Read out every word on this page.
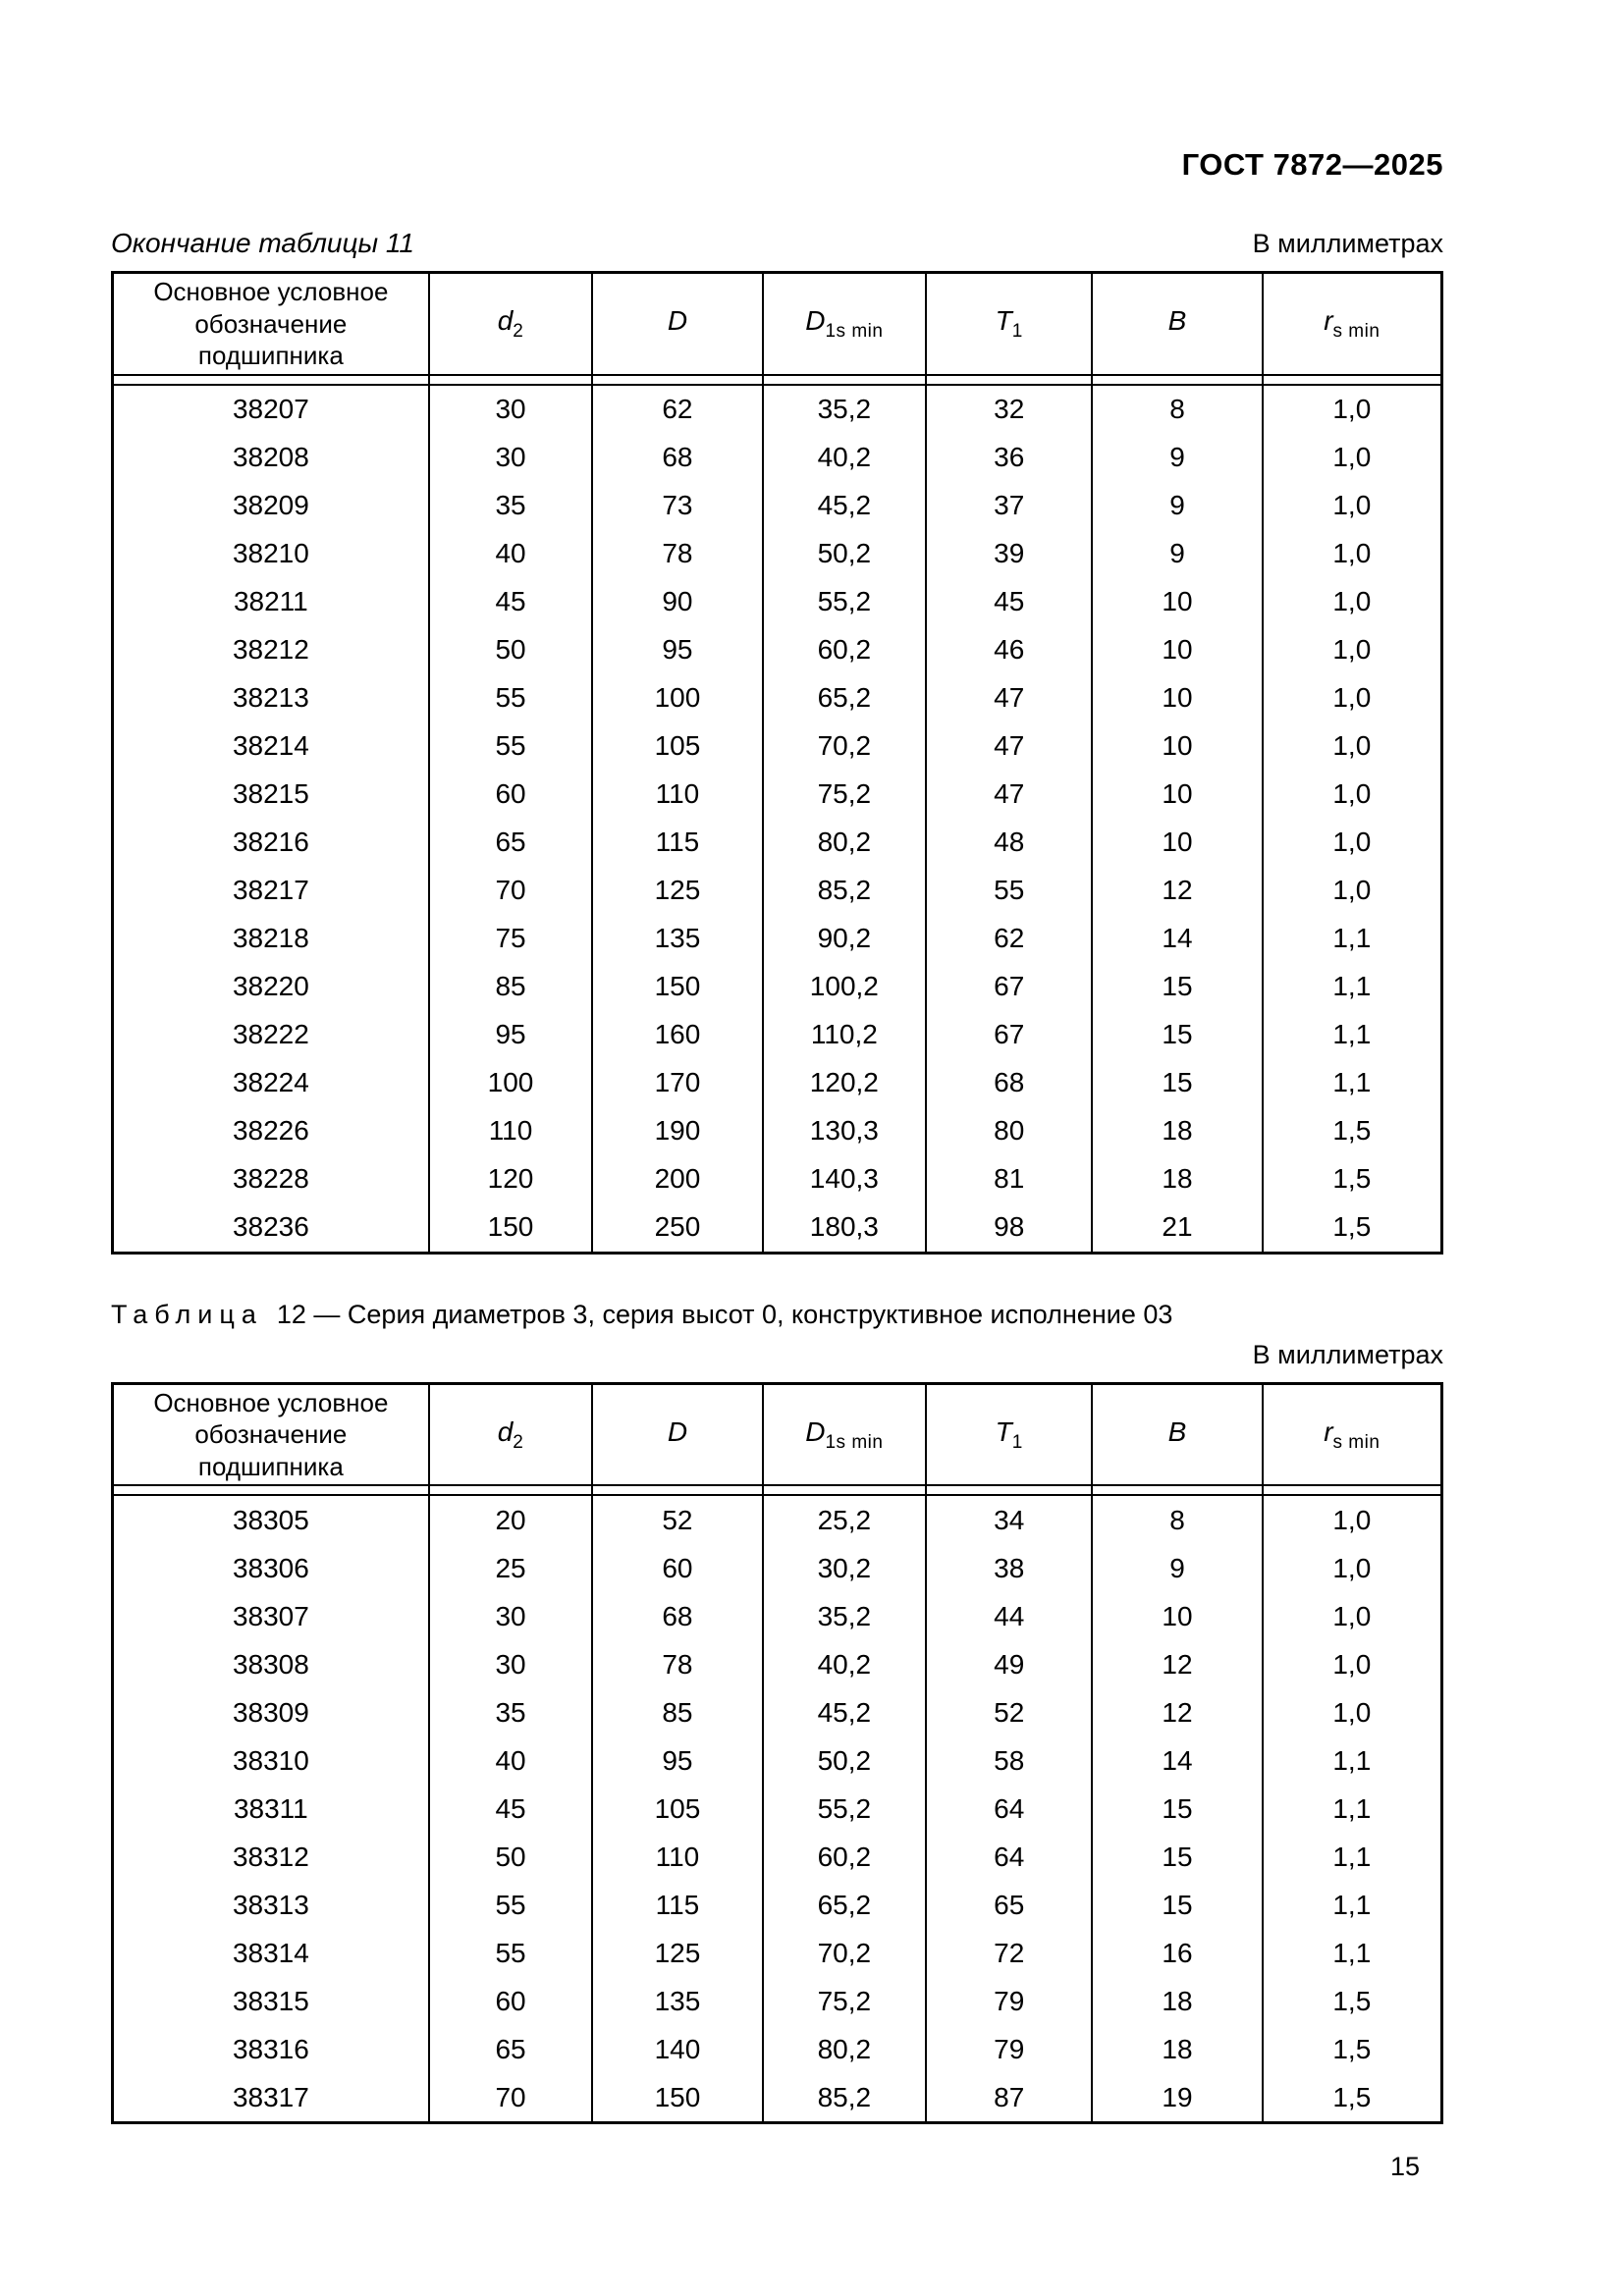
ГОСТ 7872—2025
Окончание таблицы 11	В миллиметрах
Основное условное обозначение подшипника	$d_2$	D	$D_{1s min}$	$T_1$	B	$r_{s min}$

38207	30	62	35,2	32	8	1,0
38208	30	68	40,2	36	9	1,0
38209	35	73	45,2	37	9	1,0
38210	40	78	50,2	39	9	1,0
38211	45	90	55,2	45	10	1,0
38212	50	95	60,2	46	10	1,0
38213	55	100	65,2	47	10	1,0
38214	55	105	70,2	47	10	1,0
38215	60	110	75,2	47	10	1,0
38216	65	115	80,2	48	10	1,0
38217	70	125	85,2	55	12	1,0
38218	75	135	90,2	62	14	1,1
38220	85	150	100,2	67	15	1,1
38222	95	160	110,2	67	15	1,1
38224	100	170	120,2	68	15	1,1
38226	110	190	130,3	80	18	1,5
38228	120	200	140,3	81	18	1,5
38236	150	250	180,3	98	21	1,5
Таблица 12 — Серия диаметров 3, серия высот 0, конструктивное исполнение 03
В миллиметрах
Основное условное обозначение подшипника	$d_2$	D	$D_{1s min}$	$T_1$	B	$r_{s min}$

38305	20	52	25,2	34	8	1,0
38306	25	60	30,2	38	9	1,0
38307	30	68	35,2	44	10	1,0
38308	30	78	40,2	49	12	1,0
38309	35	85	45,2	52	12	1,0
38310	40	95	50,2	58	14	1,1
38311	45	105	55,2	64	15	1,1
38312	50	110	60,2	64	15	1,1
38313	55	115	65,2	65	15	1,1
38314	55	125	70,2	72	16	1,1
38315	60	135	75,2	79	18	1,5
38316	65	140	80,2	79	18	1,5
38317	70	150	85,2	87	19	1,5
15
